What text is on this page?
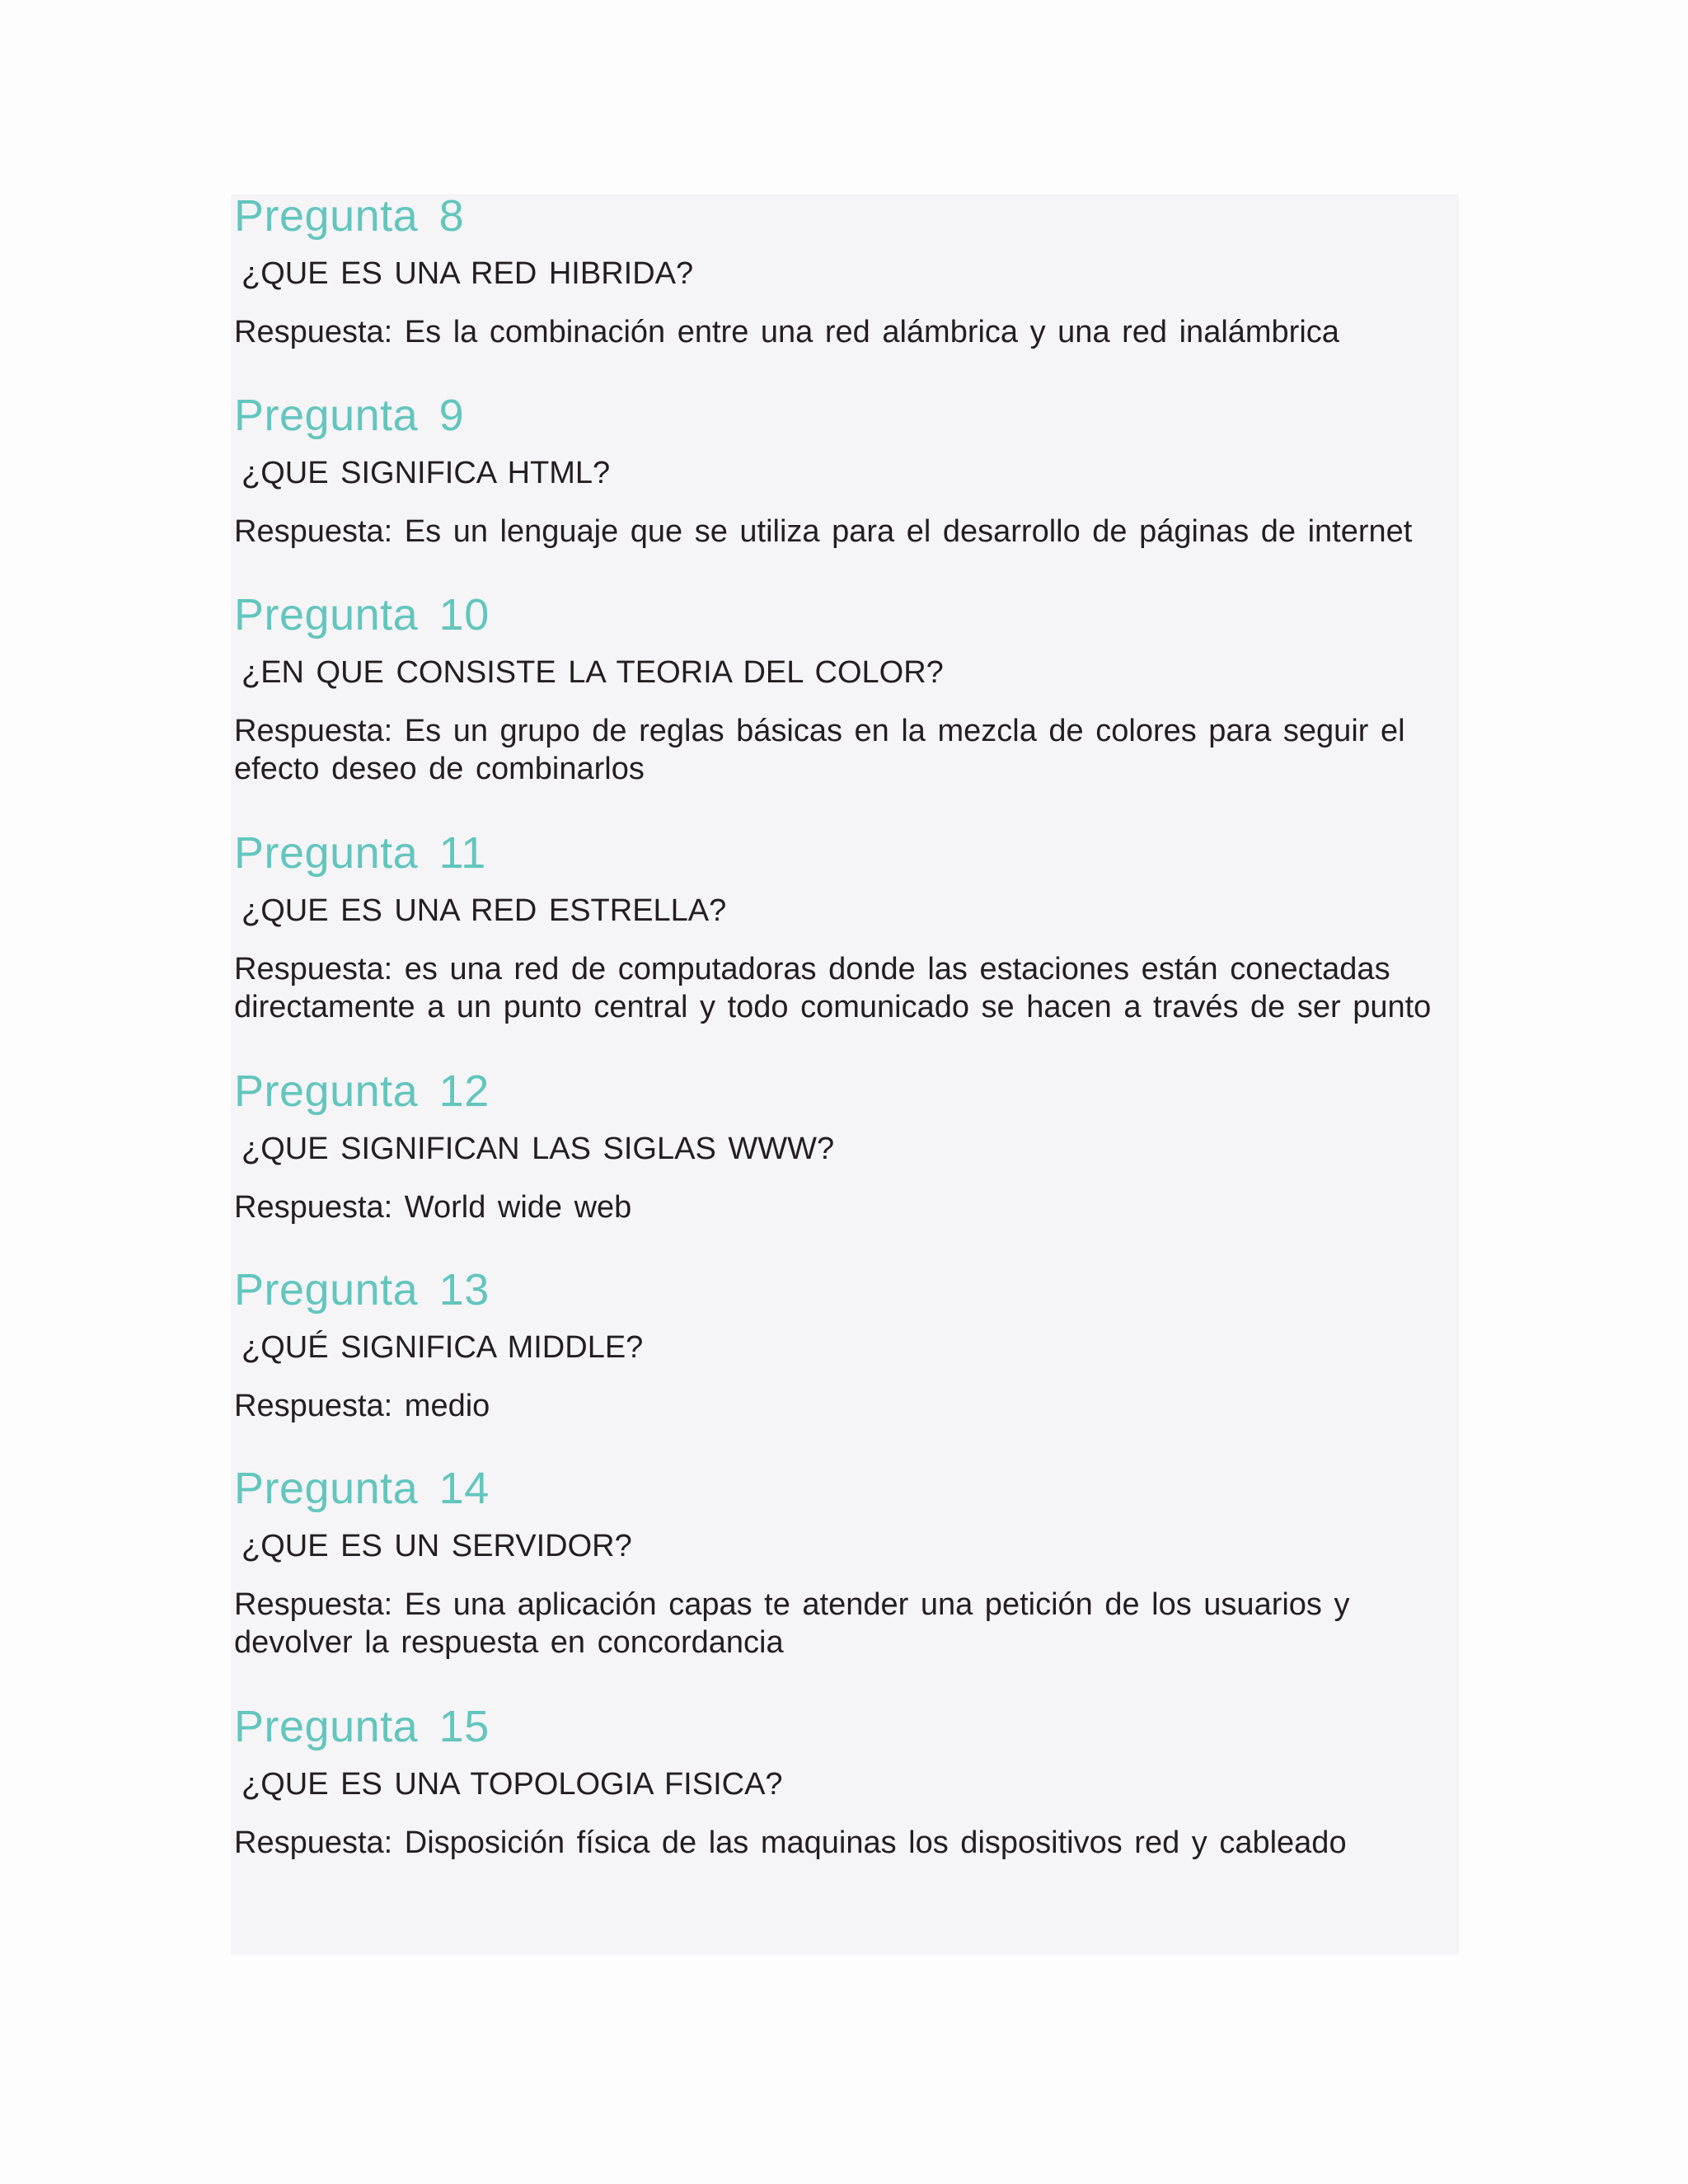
Pregunta 8
¿QUE ES UNA RED HIBRIDA?
Respuesta: Es la combinación entre una red alámbrica y una red inalámbrica
Pregunta 9
¿QUE SIGNIFICA HTML?
Respuesta: Es un lenguaje que se utiliza para el desarrollo de páginas de internet
Pregunta 10
¿EN QUE CONSISTE LA TEORIA DEL COLOR?
Respuesta: Es un grupo de reglas básicas en la mezcla de colores para seguir el efecto deseo de combinarlos
Pregunta 11
¿QUE ES UNA RED ESTRELLA?
Respuesta: es una red de computadoras donde las estaciones están conectadas directamente a un punto central y todo comunicado se hacen a través de ser punto
Pregunta 12
¿QUE SIGNIFICAN LAS SIGLAS WWW?
Respuesta: World wide web
Pregunta 13
¿QUÉ SIGNIFICA MIDDLE?
Respuesta: medio
Pregunta 14
¿QUE ES UN SERVIDOR?
Respuesta: Es una aplicación capas te atender una petición de los usuarios y devolver la respuesta en concordancia
Pregunta 15
¿QUE ES UNA TOPOLOGIA FISICA?
Respuesta: Disposición física de las maquinas los dispositivos red y cableado
